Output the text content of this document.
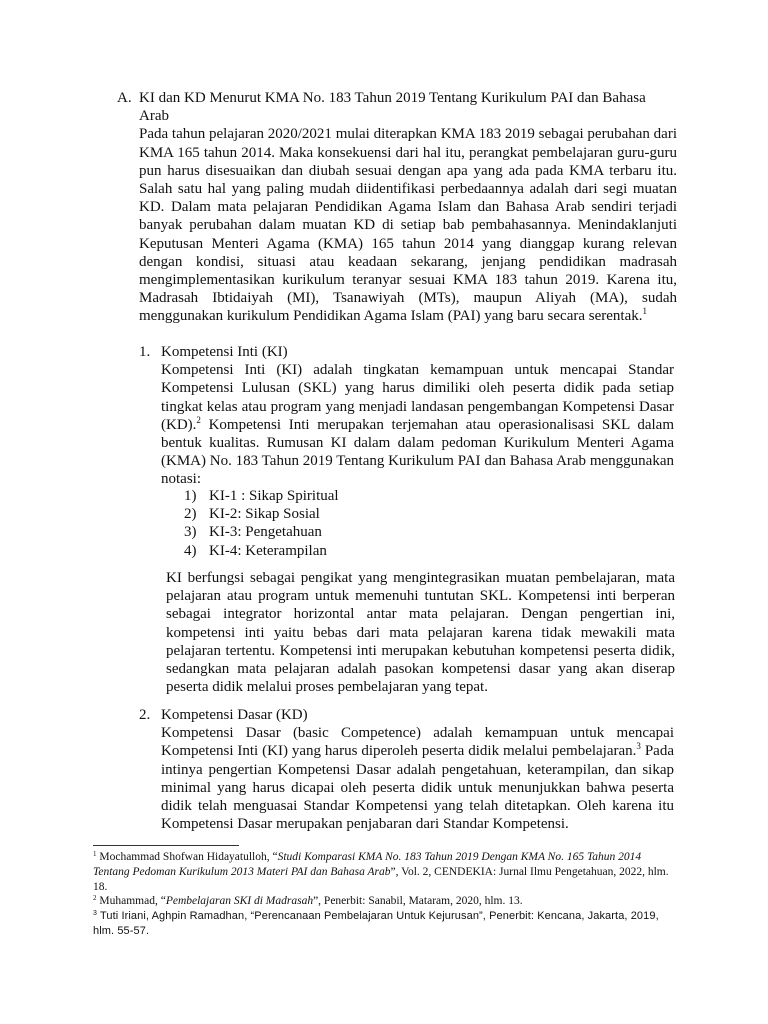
A. KI dan KD Menurut KMA No. 183 Tahun 2019 Tentang Kurikulum PAI dan Bahasa Arab
Pada tahun pelajaran 2020/2021 mulai diterapkan KMA 183 2019 sebagai perubahan dari KMA 165 tahun 2014. Maka konsekuensi dari hal itu, perangkat pembelajaran guru-guru pun harus disesuaikan dan diubah sesuai dengan apa yang ada pada KMA terbaru itu. Salah satu hal yang paling mudah diidentifikasi perbedaannya adalah dari segi muatan KD. Dalam mata pelajaran Pendidikan Agama Islam dan Bahasa Arab sendiri terjadi banyak perubahan dalam muatan KD di setiap bab pembahasannya. Menindaklanjuti Keputusan Menteri Agama (KMA) 165 tahun 2014 yang dianggap kurang relevan dengan kondisi, situasi atau keadaan sekarang, jenjang pendidikan madrasah mengimplementasikan kurikulum teranyar sesuai KMA 183 tahun 2019. Karena itu, Madrasah Ibtidaiyah (MI), Tsanawiyah (MTs), maupun Aliyah (MA), sudah menggunakan kurikulum Pendidikan Agama Islam (PAI) yang baru secara serentak.$^1$
1. Kompetensi Inti (KI)
Kompetensi Inti (KI) adalah tingkatan kemampuan untuk mencapai Standar Kompetensi Lulusan (SKL) yang harus dimiliki oleh peserta didik pada setiap tingkat kelas atau program yang menjadi landasan pengembangan Kompetensi Dasar (KD).$^2$ Kompetensi Inti merupakan terjemahan atau operasionalisasi SKL dalam bentuk kualitas. Rumusan KI dalam dalam pedoman Kurikulum Menteri Agama (KMA) No. 183 Tahun 2019 Tentang Kurikulum PAI dan Bahasa Arab menggunakan notasi:
1) KI-1 : Sikap Spiritual
2) KI-2: Sikap Sosial
3) KI-3: Pengetahuan
4) KI-4: Keterampilan
KI berfungsi sebagai pengikat yang mengintegrasikan muatan pembelajaran, mata pelajaran atau program untuk memenuhi tuntutan SKL. Kompetensi inti berperan sebagai integrator horizontal antar mata pelajaran. Dengan pengertian ini, kompetensi inti yaitu bebas dari mata pelajaran karena tidak mewakili mata pelajaran tertentu. Kompetensi inti merupakan kebutuhan kompetensi peserta didik, sedangkan mata pelajaran adalah pasokan kompetensi dasar yang akan diserap peserta didik melalui proses pembelajaran yang tepat.
2. Kompetensi Dasar (KD)
Kompetensi Dasar (basic Competence) adalah kemampuan untuk mencapai Kompetensi Inti (KI) yang harus diperoleh peserta didik melalui pembelajaran.$^3$ Pada intinya pengertian Kompetensi Dasar adalah pengetahuan, keterampilan, dan sikap minimal yang harus dicapai oleh peserta didik untuk menunjukkan bahwa peserta didik telah menguasai Standar Kompetensi yang telah ditetapkan. Oleh karena itu Kompetensi Dasar merupakan penjabaran dari Standar Kompetensi.
$^1$ Mochammad Shofwan Hidayatulloh, “Studi Komparasi KMA No. 183 Tahun 2019 Dengan KMA No. 165 Tahun 2014 Tentang Pedoman Kurikulum 2013 Materi PAI dan Bahasa Arab”, Vol. 2, CENDEKIA: Jurnal Ilmu Pengetahuan, 2022, hlm. 18.
$^2$ Muhammad, “Pembelajaran SKI di Madrasah”, Penerbit: Sanabil, Mataram, 2020, hlm. 13.
$^3$ Tuti Iriani, Aghpin Ramadhan, “Perencanaan Pembelajaran Untuk Kejurusan”, Penerbit: Kencana, Jakarta, 2019, hlm. 55-57.
